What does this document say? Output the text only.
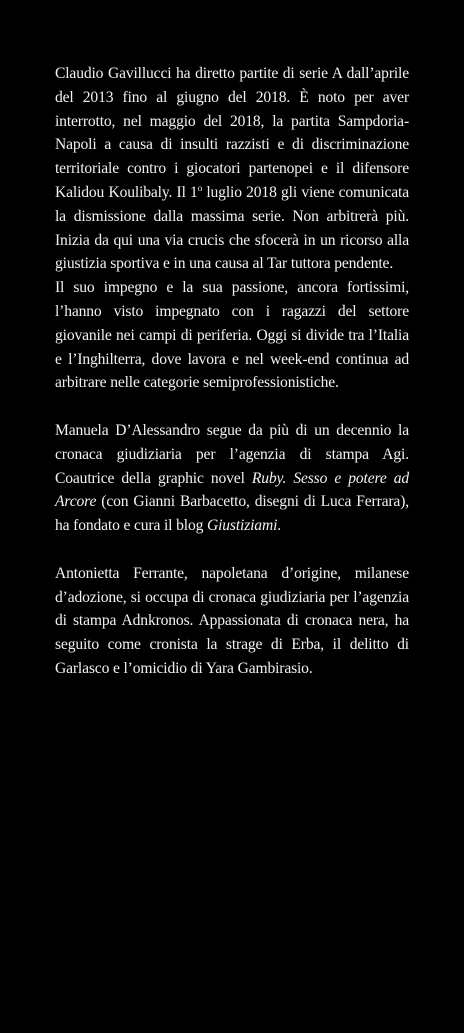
Claudio Gavillucci ha diretto partite di serie A dall’aprile del 2013 fino al giugno del 2018. È noto per aver interrotto, nel maggio del 2018, la partita Sampdoria-Napoli a causa di insulti razzisti e di discriminazione territoriale contro i giocatori partenopei e il difensore Kalidou Koulibaly. Il 1$^o$ luglio 2018 gli viene comunicata la dismissione dalla massima serie. Non arbitrerà più. Inizia da qui una via crucis che sfocerà in un ricorso alla giustizia sportiva e in una causa al Tar tuttora pendente.

Il suo impegno e la sua passione, ancora fortissimi, l’hanno visto impegnato con i ragazzi del settore giovanile nei campi di periferia. Oggi si divide tra l’Italia e l’Inghilterra, dove lavora e nel week-end continua ad arbitrare nelle categorie semiprofessionistiche.

Manuela D’Alessandro segue da più di un decennio la cronaca giudiziaria per l’agenzia di stampa Agi. Coautrice della graphic novel Ruby. Sesso e potere ad Arcore (con Gianni Barbacetto, disegni di Luca Ferrara), ha fondato e cura il blog Giustiziami.

Antonietta Ferrante, napoletana d’origine, milanese d’adozione, si occupa di cronaca giudiziaria per l’agenzia di stampa Adnkronos. Appassionata di cronaca nera, ha seguito come cronista la strage di Erba, il delitto di Garlasco e l’omicidio di Yara Gambirasio.
